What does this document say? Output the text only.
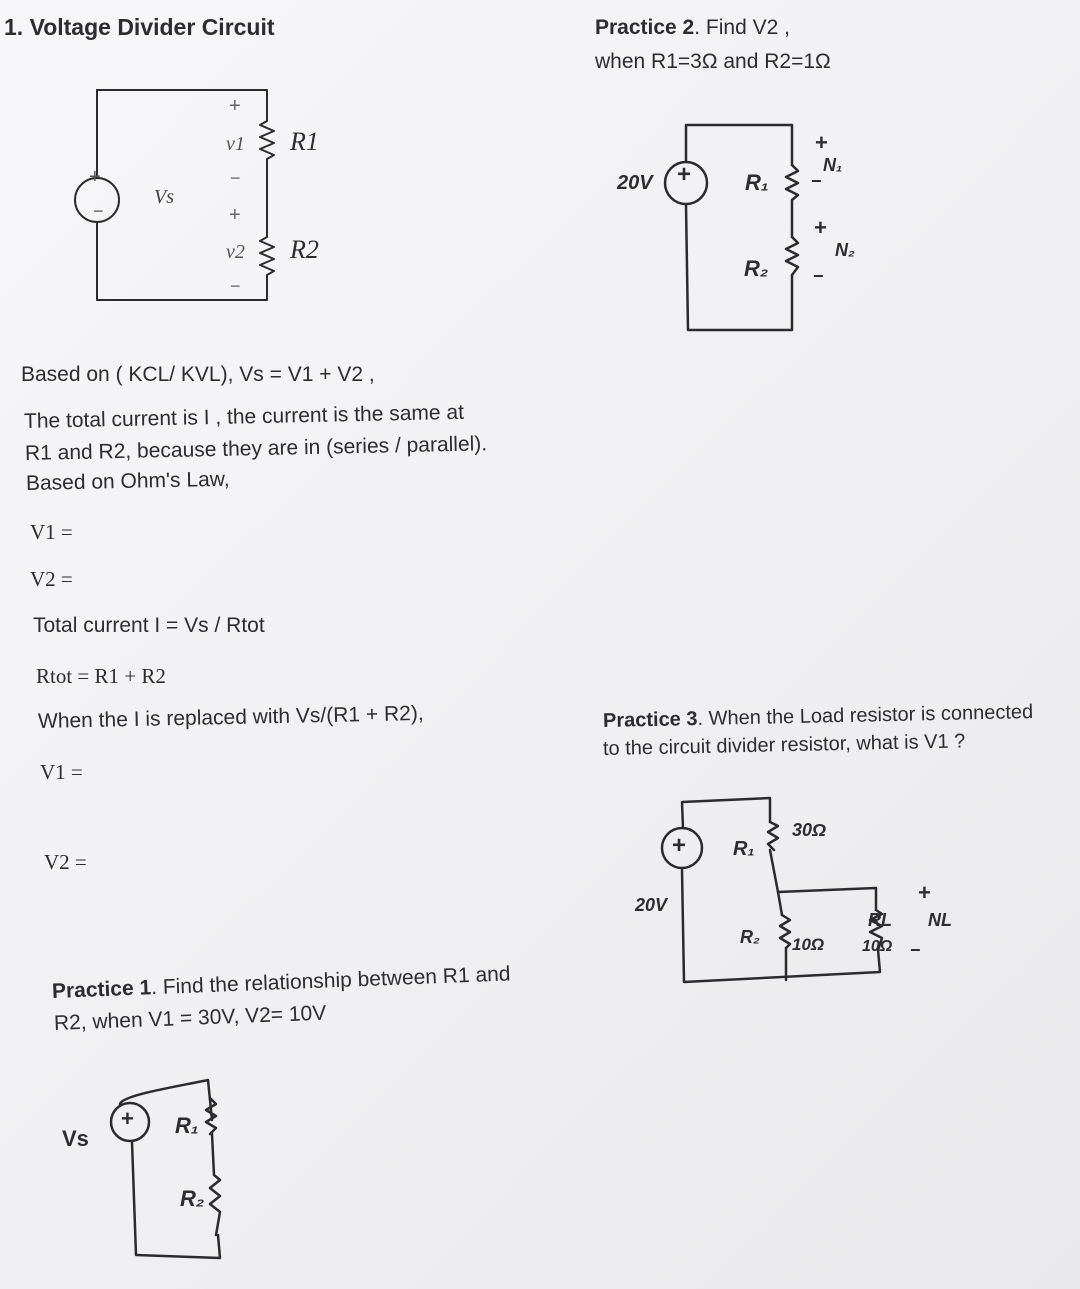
1. Voltage Divider Circuit
Vs
+
−
+
v1
−
+
v2
−
R1
R2
Based on ( KCL/ KVL), Vs = V1 + V2 ,
The total current is I , the current is the same at
R1 and R2, because they are in (series / parallel).
Based on Ohm's Law,
V1 =
V2 =
Total current I = Vs / Rtot
Rtot = R1 + R2
When the I is replaced with Vs/(R1 + R2),
V1 =
V2 =
Practice 1. Find the relationship between R1 and
R2, when V1 = 30V, V2= 10V
Vs
+ R₁
R₂
Practice 2. Find V2 ,
when R1=3Ω and R2=1Ω
20V + R₁
R₂
+
N₁
−
+
N₂
−
Practice 3. When the Load resistor is connected
to the circuit divider resistor, what is V1 ?
20V
+ R₁
30Ω
R₂ 10Ω
RL
10Ω
+
NL
−
